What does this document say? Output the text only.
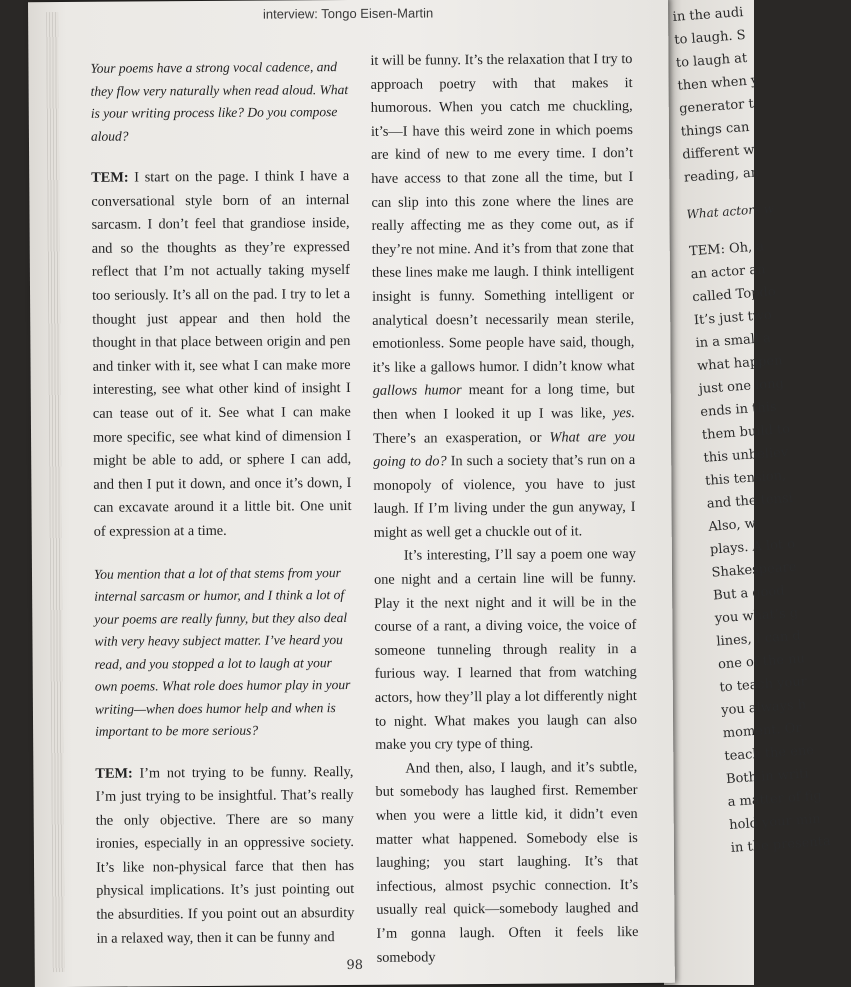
in the audi
to laugh. S
to laugh at
then when y
generator t
things can
different w
reading, an
What actors w
TEM: Oh, a
an actor an
called Topdo
It’s just two
in a small a
what happen
just one long
ends in this
them build to
this unbeliev
this tension,
and the tensi
Also, w
plays. A lot o
Shakespeare
But a good
you what’s g
lines, I can d
one of the nu
to teach your
you always h
moment. Or
teach the ene
Both in writi
a matter of fig
hold your min
in the presenta
interview: Tongo Eisen-Martin

Your poems have a strong vocal cadence, and they flow very naturally when read aloud. What is your writing process like? Do you compose aloud?

TEM: I start on the page. I think I have a conversational style born of an internal sarcasm. I don’t feel that grandiose inside, and so the thoughts as they’re expressed reflect that I’m not actually taking myself too seriously. It’s all on the pad. I try to let a thought just appear and then hold the thought in that place between origin and pen and tinker with it, see what I can make more interesting, see what other kind of insight I can tease out of it. See what I can make more specific, see what kind of dimension I might be able to add, or sphere I can add, and then I put it down, and once it’s down, I can excavate around it a little bit. One unit of expression at a time.

You mention that a lot of that stems from your internal sarcasm or humor, and I think a lot of your poems are really funny, but they also deal with very heavy subject matter. I’ve heard you read, and you stopped a lot to laugh at your own poems. What role does humor play in your writing—when does humor help and when is important to be more serious?

TEM: I’m not trying to be funny. Really, I’m just trying to be insightful. That’s really the only objective. There are so many ironies, especially in an oppressive society. It’s like non-physical farce that then has physical implications. It’s just pointing out the absurdities. If you point out an absurdity in a relaxed way, then it can be funny and

it will be funny. It’s the relaxation that I try to approach poetry with that makes it humorous. When you catch me chuckling, it’s—I have this weird zone in which poems are kind of new to me every time. I don’t have access to that zone all the time, but I can slip into this zone where the lines are really affecting me as they come out, as if they’re not mine. And it’s from that zone that these lines make me laugh. I think intelligent insight is funny. Something intelligent or analytical doesn’t necessarily mean sterile, emotionless. Some people have said, though, it’s like a gallows humor. I didn’t know what gallows humor meant for a long time, but then when I looked it up I was like, yes. There’s an exasperation, or What are you going to do? In such a society that’s run on a monopoly of violence, you have to just laugh. If I’m living under the gun anyway, I might as well get a chuckle out of it.

It’s interesting, I’ll say a poem one way one night and a certain line will be funny. Play it the next night and it will be in the course of a rant, a diving voice, the voice of someone tunneling through reality in a furious way. I learned that from watching actors, how they’ll play a lot differently night to night. What makes you laugh can also make you cry type of thing.

And then, also, I laugh, and it’s subtle, but somebody has laughed first. Remember when you were a little kid, it didn’t even matter what happened. Somebody else is laughing; you start laughing. It’s that infectious, almost psychic connection. It’s usually real quick—somebody laughed and I’m gonna laugh. Often it feels like somebody

98
